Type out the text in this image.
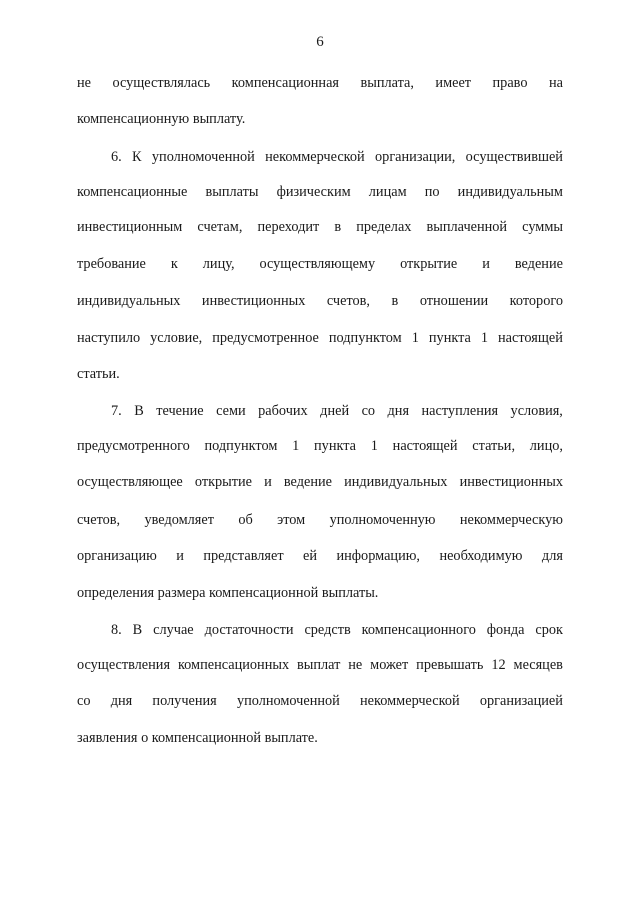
6
не осуществлялась компенсационная выплата, имеет право на
компенсационную выплату.
6. К уполномоченной некоммерческой организации, осуществившей
компенсационные выплаты физическим лицам по индивидуальным
инвестиционным счетам, переходит в пределах выплаченной суммы
требование к лицу, осуществляющему открытие и ведение
индивидуальных инвестиционных счетов, в отношении которого
наступило условие, предусмотренное подпунктом 1 пункта 1 настоящей
статьи.
7. В течение семи рабочих дней со дня наступления условия,
предусмотренного подпунктом 1 пункта 1 настоящей статьи, лицо,
осуществляющее открытие и ведение индивидуальных инвестиционных
счетов, уведомляет об этом уполномоченную некоммерческую
организацию и представляет ей информацию, необходимую для
определения размера компенсационной выплаты.
8. В случае достаточности средств компенсационного фонда срок
осуществления компенсационных выплат не может превышать 12 месяцев
со дня получения уполномоченной некоммерческой организацией
заявления о компенсационной выплате.
